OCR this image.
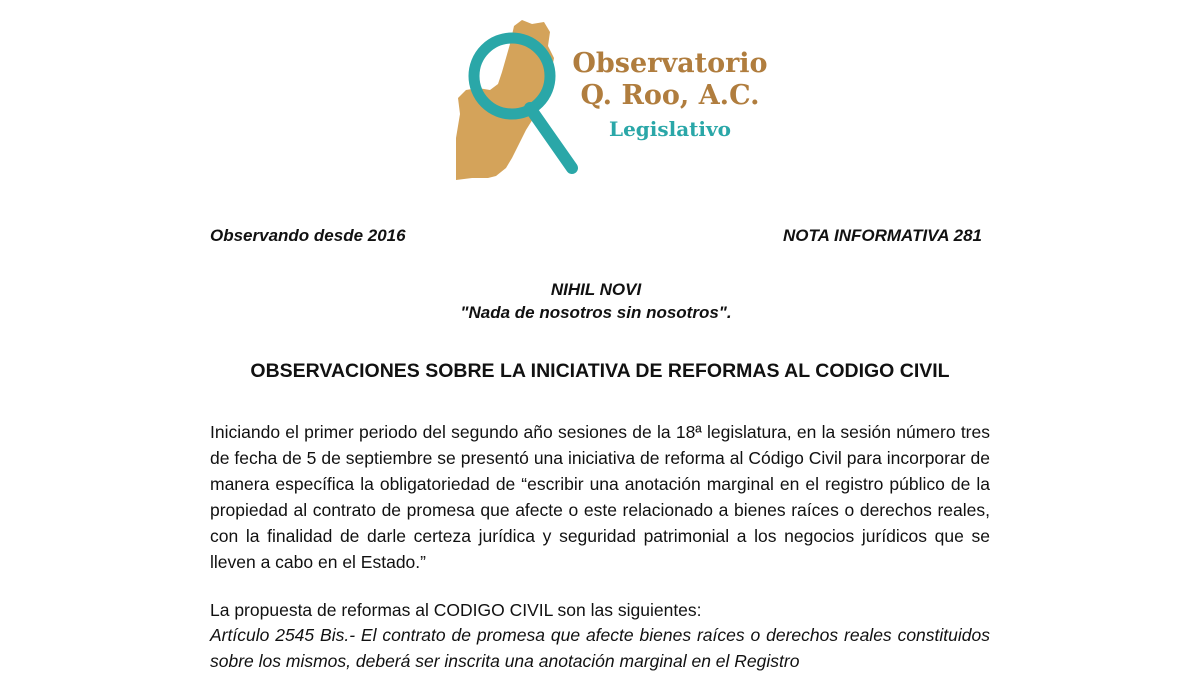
Observatorio
Q. Roo, A.C.
Legislativo
Observando desde 2016	NOTA INFORMATIVA 281
NIHIL NOVI
"Nada de nosotros sin nosotros".
OBSERVACIONES SOBRE LA INICIATIVA DE REFORMAS AL CODIGO CIVIL

Iniciando el primer periodo del segundo año sesiones de la 18ª legislatura, en la sesión número tres de fecha de 5 de septiembre se presentó una iniciativa de reforma al Código Civil para incorporar de manera específica la obligatoriedad de “escribir una anotación marginal en el registro público de la propiedad al contrato de promesa que afecte o este relacionado a bienes raíces o derechos reales, con la finalidad de darle certeza jurídica y seguridad patrimonial a los negocios jurídicos que se lleven a cabo en el Estado.”

La propuesta de reformas al CODIGO CIVIL son las siguientes:

Artículo 2545 Bis.- El contrato de promesa que afecte bienes raíces o derechos reales constituidos sobre los mismos, deberá ser inscrita una anotación marginal en el Registro
